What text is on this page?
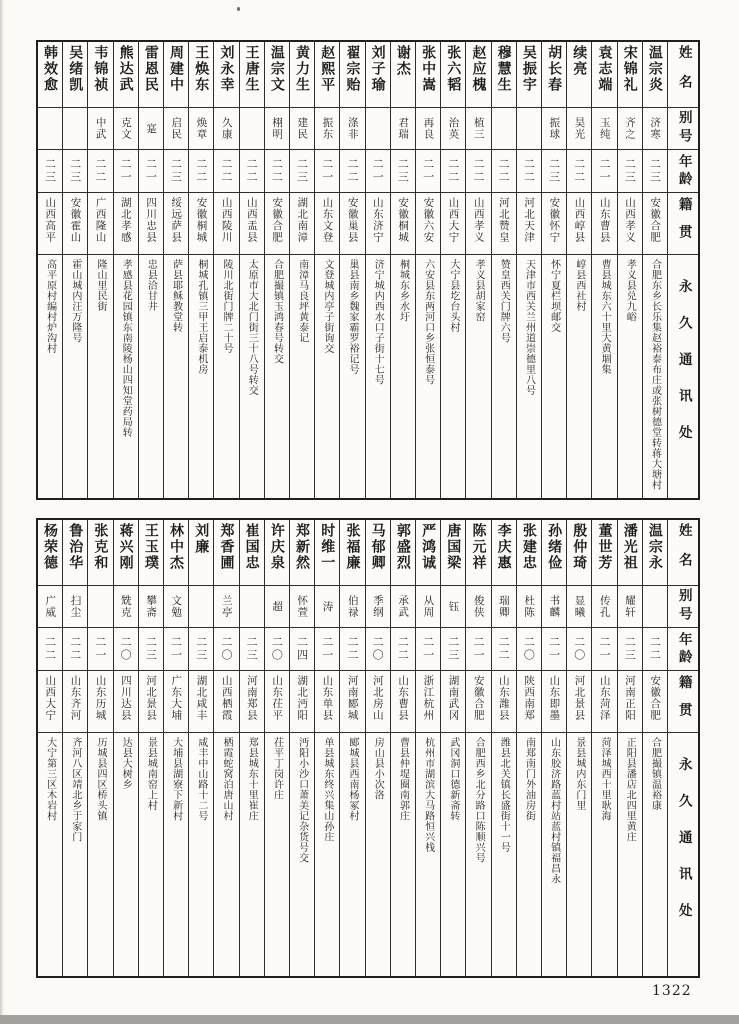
姓名
别号
年龄
籍贯
永久通讯处
温宗炎
济寒
二三
安徽合肥
合肥东乡长乐集赵裕泰布庄或张树德堂转蒋大塘村
宋锦礼
齐之
二三
山西孝义
孝义县兑九峪
袁志端
玉纯
二一
山东曹县
曹县城东六十里大黄堌集
续亮
昊光
二二
山西崞县
崞县西社村
胡长春
振球
二三
安徽怀宁
怀宁夏栏坝邮交
吴振宇
二二
河北天津
天津市西关兰州道崇德里八号
穆慧生
二二
河北赞皇
赞皇西关门牌六号
赵应槐
植三
二二
山西孝义
孝义县胡家窑
张六韬
治英
二二
山西大宁
大宁县圪台头村
张中嵩
再良
二一
安徽六安
六安县东两河口乡张恒泰号
谢杰
君瑞
二三
安徽桐城
桐城东乡水圩
刘子瑜
二一
山东济宁
济宁城内西水口子街十七号
翟宗贻
涤非
二二
安徽巢县
巢县南乡魏家霸罗裕记号
赵熙平
振东
二一
山东文登
文登城内亭子街询交
黄力生
建民
二三
湖北南漳
南漳马良坪黄泰记
温宗文
栩明
二二
安徽合肥
合肥撮镇玉鸿春号转交
王唐生
二二
山西盂县
太原市大北门街三十八号转交
刘永幸
久康
二二
山西陵川
陵川北街门牌二十号
王焕东
焕章
二二
安徽桐城
桐城孔镇三甲王启泰机房
周建中
启民
二三
绥远萨县
萨县耶稣教堂转
雷恩民
寔
二一
四川忠县
忠县洽甘井
熊达武
克文
二一
湖北孝感
孝感县花园镇东南陵杨山四知堂药局转
韦锦祯
中武
二二
广西隆山
隆山里民街
吴绪凯
二三
安徽霍山
霍山城内汪万隆号
韩效愈
二三
山西高平
高平原村编村炉沟村
姓名
别号
年龄
籍贯
永久通讯处
温宗永
二二
安徽合肥
合肥撮镇温裕康
潘光祖
耀轩
二三
河南正阳
正阳县潘店北四里黄庄
董世芳
传孔
二一
山东菏泽
菏泽城西十里耿海
殷仲琦
显曦
二〇
河北景县
景县城内东门里
孙绪俭
书麟
二一
山东即墨
山东胶济路蓝村站蓝村镇福昌永
张建忠
杜陈
二〇
陕西南郑
南郑南门外油房街
李庆惠
瑞卿
二二
山东潍县
潍县北关镇长盛街十一号
陈元祥
俊侠
二一
安徽合肥
合肥西乡北分路口陈顺兴号
唐国梁
钰
二三
湖南武冈
武冈洞口德新斋转
严鸿诚
从周
二一
浙江杭州
杭州市湖滨大马路恒兴栈
郭盛烈
承武
二二
山东曹县
曹县仲堤圈南郭庄
马郁卿
季纲
二〇
河北房山
房山县小次洛
张福廉
伯禄
二二
河南郾城
郾城县西南杨冢村
时维一
涛
二一
山东单县
单县城东终兴集山孙庄
郑新然
怀萱
二四
湖北沔阳
沔阳小沙口萧美记杂货号交
许庆泉
超
二〇
山东茌平
茌平丁岗许庄
崔国忠
二三
河南郑县
郑县城东十里崔庄
郑香圃
兰亭
二〇
山西栖霞
栖霞蛇窝泊唐山村
刘廉
二三
湖北咸丰
咸丰中山路十二号
林中杰
文勉
二一
广东大埔
大埔县湖寮下新村
王玉璞
攀斋
二三
河北景县
景县城南窑上村
蒋兴刚
兟克
二〇
四川达县
达县大树乡
张克和
二一
山东历城
历城县四区桥头镇
鲁治华
扫尘
二二
山东齐河
齐河八区靖北乡于家门
杨荣德
广威
二二
山西大宁
大宁第三区木岩村
1322
